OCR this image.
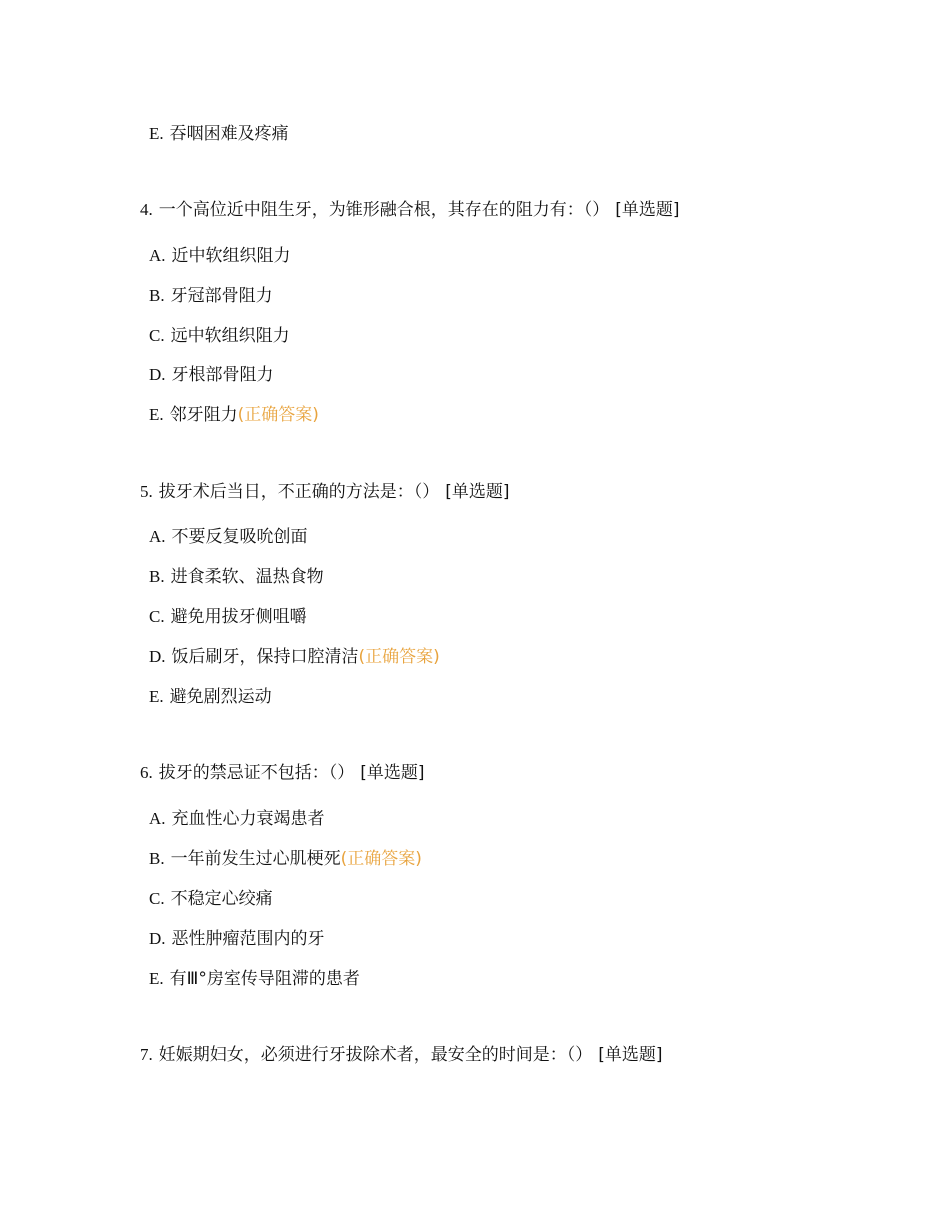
E. 吞咽困难及疼痛
4. 一个高位近中阻生牙，为锥形融合根，其存在的阻力有：（） [单选题]
A. 近中软组织阻力
B. 牙冠部骨阻力
C. 远中软组织阻力
D. 牙根部骨阻力
E. 邻牙阻力(正确答案)
5. 拔牙术后当日，不正确的方法是：（） [单选题]
A. 不要反复吸吮创面
B. 进食柔软、温热食物
C. 避免用拔牙侧咀嚼
D. 饭后刷牙，保持口腔清洁(正确答案)
E. 避免剧烈运动
6. 拔牙的禁忌证不包括：（） [单选题]
A. 充血性心力衰竭患者
B. 一年前发生过心肌梗死(正确答案)
C. 不稳定心绞痛
D. 恶性肿瘤范围内的牙
E. 有Ⅲ°房室传导阻滞的患者
7. 妊娠期妇女，必须进行牙拔除术者，最安全的时间是：（） [单选题]
